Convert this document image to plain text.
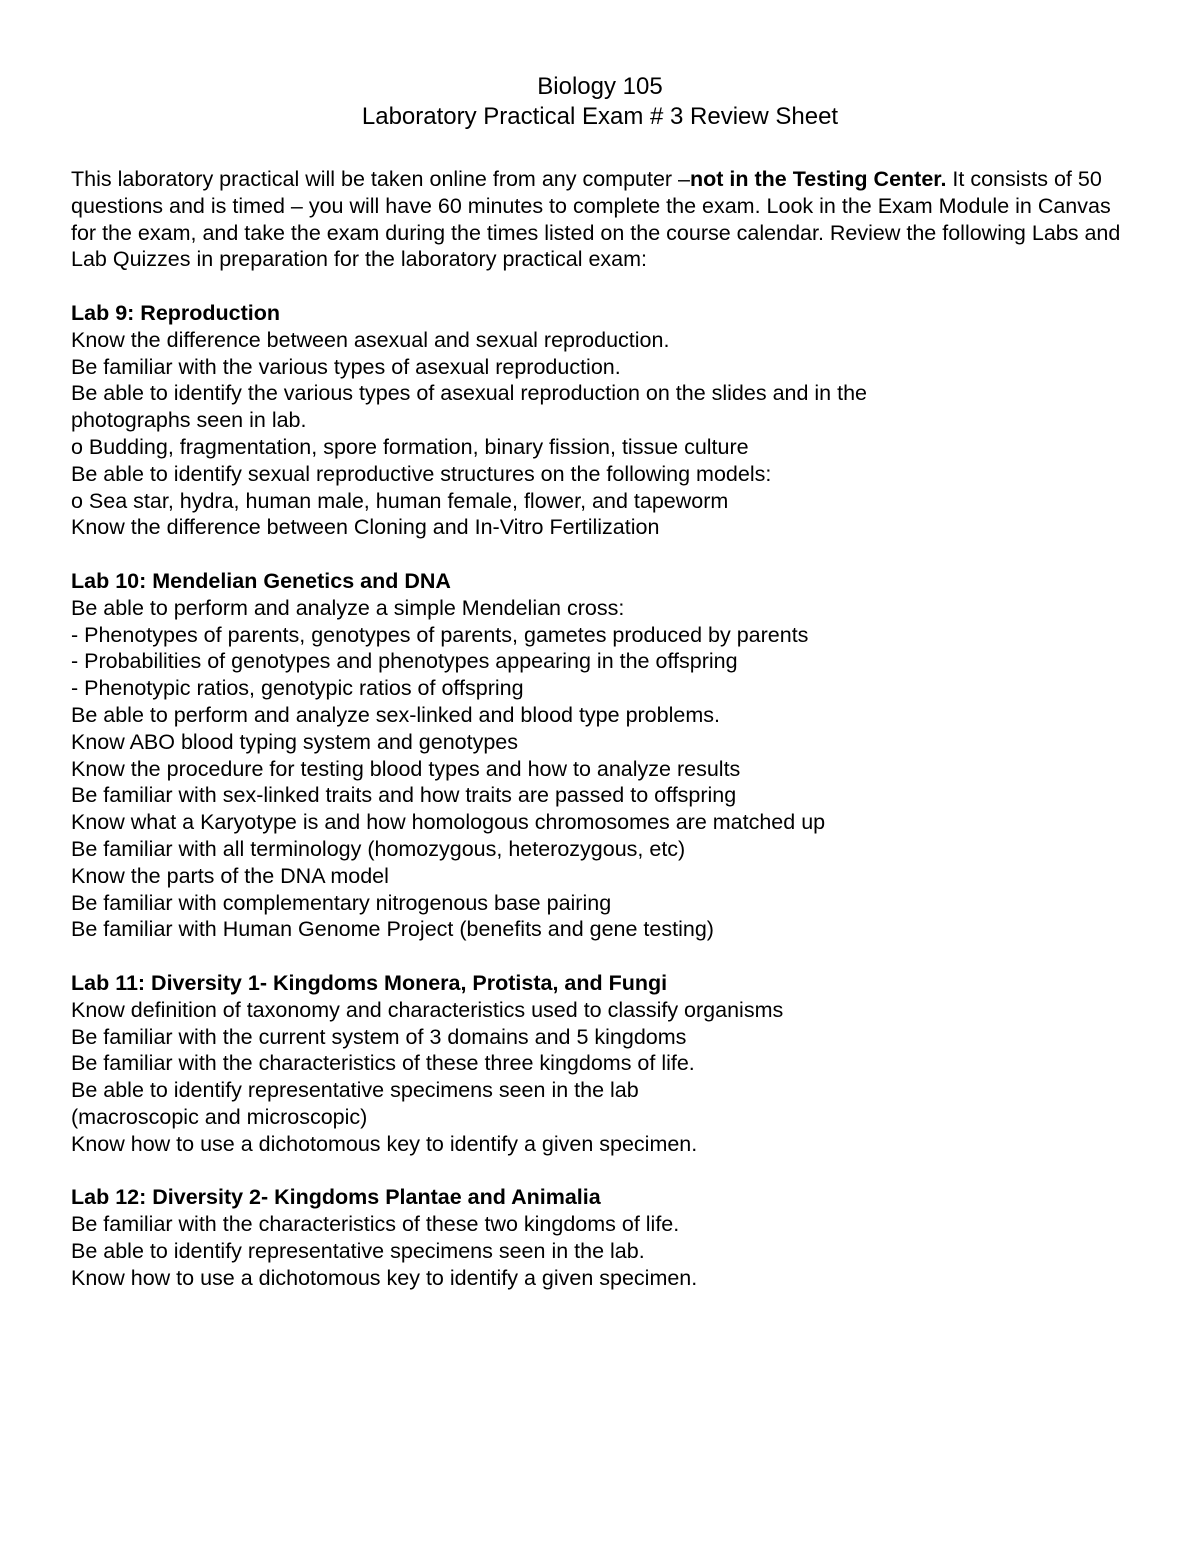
Biology 105
Laboratory Practical Exam # 3 Review Sheet

This laboratory practical will be taken online from any computer –not in the Testing Center. It consists of 50 questions and is timed – you will have 60 minutes to complete the exam. Look in the Exam Module in Canvas for the exam, and take the exam during the times listed on the course calendar. Review the following Labs and Lab Quizzes in preparation for the laboratory practical exam:

Lab 9: Reproduction
Know the difference between asexual and sexual reproduction.
Be familiar with the various types of asexual reproduction.
Be able to identify the various types of asexual reproduction on the slides and in the
photographs seen in lab.
o Budding, fragmentation, spore formation, binary fission, tissue culture
Be able to identify sexual reproductive structures on the following models:
o Sea star, hydra, human male, human female, flower, and tapeworm
Know the difference between Cloning and In-Vitro Fertilization
Lab 10: Mendelian Genetics and DNA
Be able to perform and analyze a simple Mendelian cross:
- Phenotypes of parents, genotypes of parents, gametes produced by parents
- Probabilities of genotypes and phenotypes appearing in the offspring
- Phenotypic ratios, genotypic ratios of offspring
Be able to perform and analyze sex-linked and blood type problems.
Know ABO blood typing system and genotypes
Know the procedure for testing blood types and how to analyze results
Be familiar with sex-linked traits and how traits are passed to offspring
Know what a Karyotype is and how homologous chromosomes are matched up
Be familiar with all terminology (homozygous, heterozygous, etc)
Know the parts of the DNA model
Be familiar with complementary nitrogenous base pairing
Be familiar with Human Genome Project (benefits and gene testing)
Lab 11: Diversity 1- Kingdoms Monera, Protista, and Fungi
Know definition of taxonomy and characteristics used to classify organisms
Be familiar with the current system of 3 domains and 5 kingdoms
Be familiar with the characteristics of these three kingdoms of life.
Be able to identify representative specimens seen in the lab
(macroscopic and microscopic)
Know how to use a dichotomous key to identify a given specimen.
Lab 12: Diversity 2- Kingdoms Plantae and Animalia
Be familiar with the characteristics of these two kingdoms of life.
Be able to identify representative specimens seen in the lab.
Know how to use a dichotomous key to identify a given specimen.
